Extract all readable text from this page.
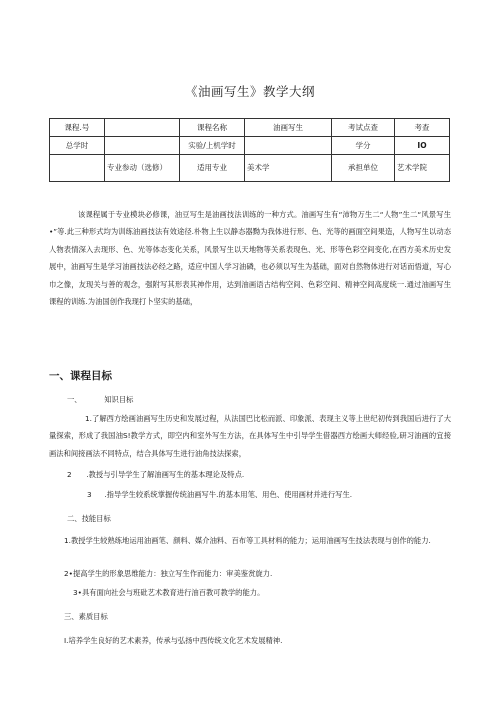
《油画写生》教学大纲
课程.号		课程名称	油画写生	考试点查	考查
总学时		实验/上机学时		学分	IO
	专业参动（选修）	适用专业	美术学	承担单位	艺术学院

该课程属于专业模块必修课，油豆写生是油画技法训练的一种方式。油画写生有“沛物万生二“人物”生二“风景写生•”等.此三种形式均为训练油画技法有效途径.朴物上生以静态器黝为我体进行形、色、光等的画面空间果造，人物写生以动态人物表情深入去现形、色、光等体态变化关系，风景写生以天地物等关系表现色、光、形等色彩空间变化,在西方美术历史发展中，油画写生是学习油画技法必经之路，适应中国人学习油磷，也必须以写生为基础，面对自然物体进行对话而悟道，写心巾之像，友现关与善的观念，强附写其形表其神作用，达到油画语古结构空间、色彩空间、精神空间高度统一.通过油画写生课程的训练.为油国创作我现打卜坚实的基础，

一、课程目标
一、	知识目标

1.了解西方绘画油画写生历史和发展过程，从法国巴比松而派、印象派、表现主义等上世纪初传到我国后进行了大量探索，形成了我国油S!教学方式，即空内和室外写生方法，在具体写生中引导学生借器西方绘画大师经验,研习油画的宜接画法和间接画法不同特点，结合具体写生进行油角技法探索，

2 .教授与引导学生了解油画写生的基本理论及特点.
3 .指导学生较系统掌握传统油画写牛.的基本用笔、用色、使用画材并进行写生.
二、技能目标

1.教授学生较熟练地运用油画笔、颜料、媒介油料、百布等工具材料的能力；运用油画写生技法表现与创作的能力.

2•提高学生的形象思维能力：独立写生作而能力：审美鉴赏旋力.
3•具有面向社会与班砒艺术教育进行油百教可教学的能力。
三、素质目标
I.培养学生良好的艺术素养，传承与弘扬中西传统文化艺术发展精神.
